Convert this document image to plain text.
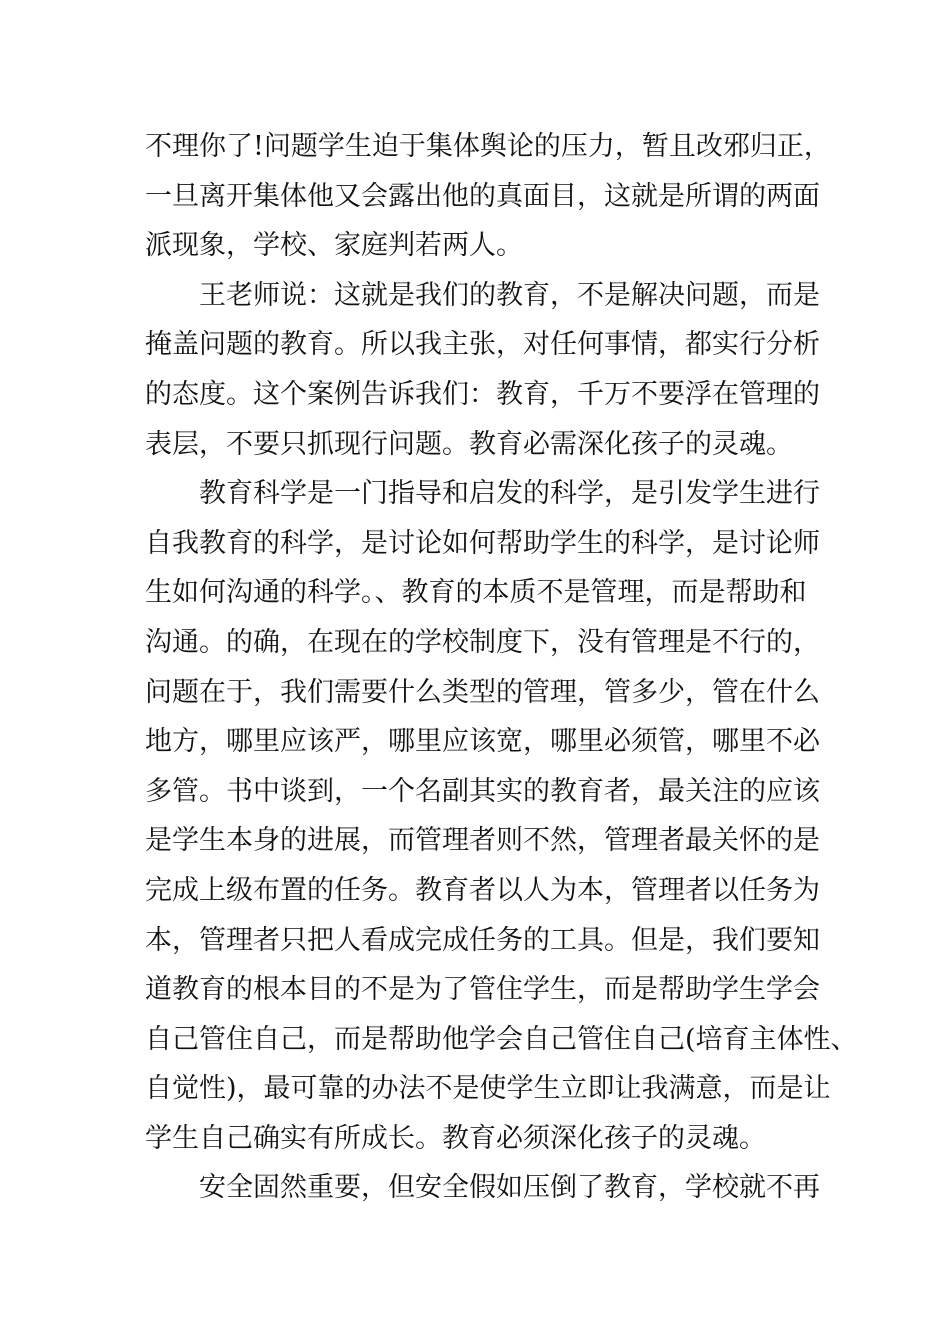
不理你了!问题学生迫于集体舆论的压力，暂且改邪归正，
一旦离开集体他又会露出他的真面目，这就是所谓的两面
派现象，学校、家庭判若两人。
　　王老师说：这就是我们的教育，不是解决问题，而是
掩盖问题的教育。所以我主张，对任何事情，都实行分析
的态度。这个案例告诉我们：教育，千万不要浮在管理的
表层，不要只抓现行问题。教育必需深化孩子的灵魂。
　　教育科学是一门指导和启发的科学，是引发学生进行
自我教育的科学，是讨论如何帮助学生的科学，是讨论师
生如何沟通的科学。、教育的本质不是管理，而是帮助和
沟通。的确，在现在的学校制度下，没有管理是不行的，
问题在于，我们需要什么类型的管理，管多少，管在什么
地方，哪里应该严，哪里应该宽，哪里必须管，哪里不必
多管。书中谈到，一个名副其实的教育者，最关注的应该
是学生本身的进展，而管理者则不然，管理者最关怀的是
完成上级布置的任务。教育者以人为本，管理者以任务为
本，管理者只把人看成完成任务的工具。但是，我们要知
道教育的根本目的不是为了管住学生，而是帮助学生学会
自己管住自己，而是帮助他学会自己管住自己(培育主体性、
自觉性)，最可靠的办法不是使学生立即让我满意，而是让
学生自己确实有所成长。教育必须深化孩子的灵魂。
　　安全固然重要，但安全假如压倒了教育，学校就不再
